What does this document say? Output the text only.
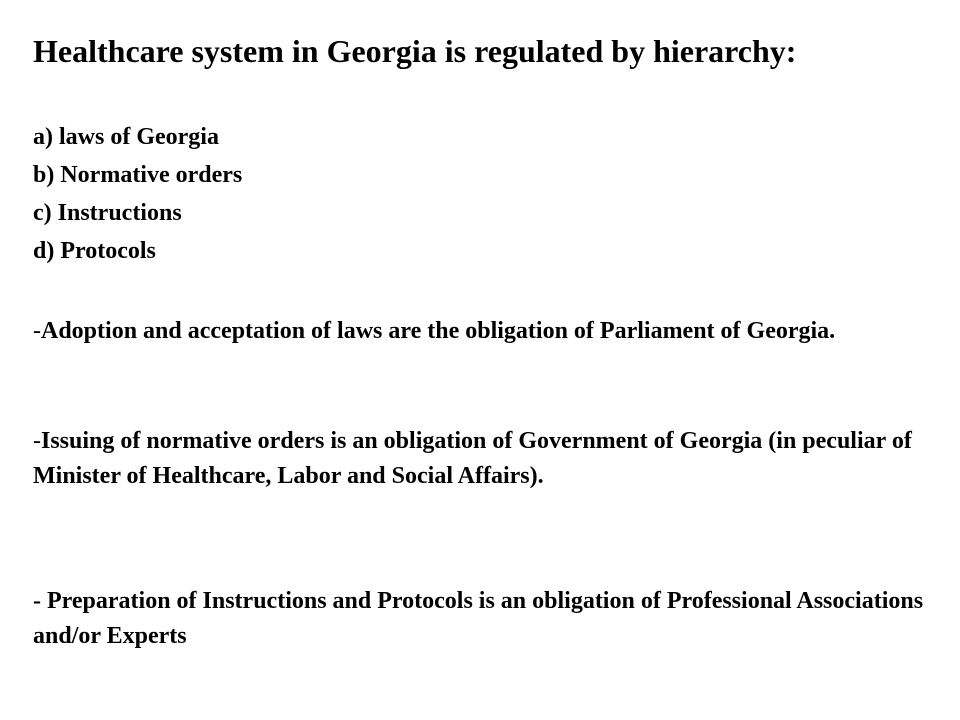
Healthcare system in Georgia is regulated by hierarchy:
a) laws of Georgia
b) Normative orders
c) Instructions
d) Protocols

-Adoption and acceptation of laws are the obligation of Parliament of Georgia.

-Issuing of normative orders is an obligation of Government of Georgia (in peculiar of Minister of Healthcare, Labor and Social Affairs).

- Preparation of Instructions and Protocols is an obligation of Professional Associations and/or Experts
